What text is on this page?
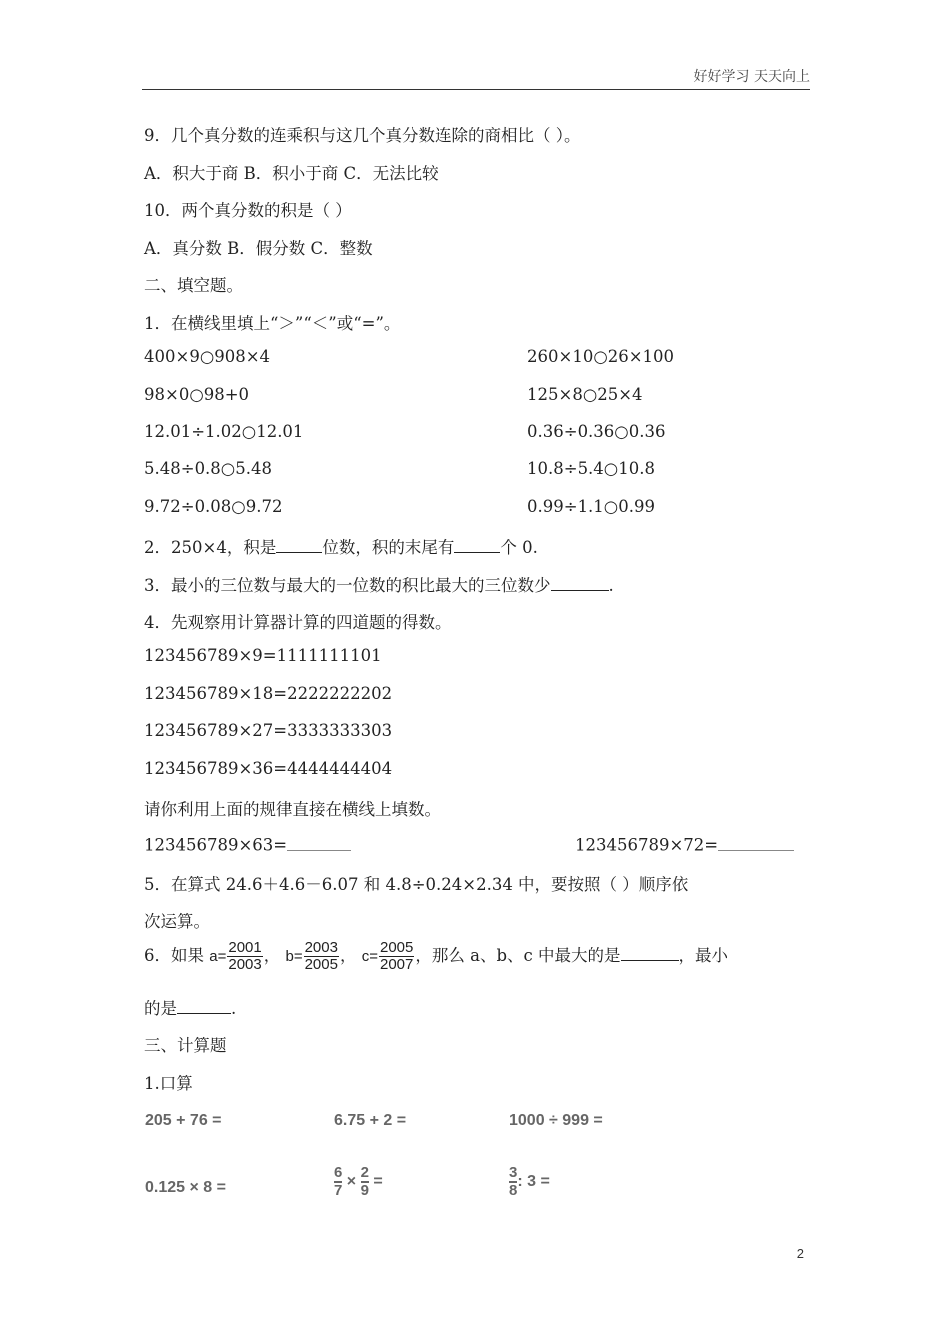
好好学习 天天向上
9．几个真分数的连乘积与这几个真分数连除的商相比（ ）。
A．积大于商 B．积小于商 C．无法比较
10．两个真分数的积是（ ）
A．真分数 B．假分数 C．整数
二、填空题。
1．在横线里填上“＞”“＜”或“=”。
400×9○908×4	260×10○26×100
98×0○98+0	125×8○25×4
12.01÷1.02○12.01	0.36÷0.36○0.36
5.48÷0.8○5.48	10.8÷5.4○10.8
9.72÷0.08○9.72	0.99÷1.1○0.99
2．250×4，积是	位数，积的末尾有	个 0.
3．最小的三位数与最大的一位数的积比最大的三位数少	.
4．先观察用计算器计算的四道题的得数。
123456789×9=1111111101
123456789×18=2222222202
123456789×27=3333333303
123456789×36=4444444404
请你利用上面的规律直接在横线上填数。
123456789×63=	123456789×72=
5．在算式 24.6＋4.6－6.07 和 4.8÷0.24×2.34 中，要按照（ ）顺序依
次运算。
6．如果 $a= \frac{2001}{2003}$ ， $b= \frac{2003}{2005}$ ， $c= \frac{2005}{2007}$ ，那么 a、b、c 中最大的是	，最小
的是	.
三、计算题
1.口算
205 + 76 =	6.75 + 2 =	1000 ÷ 999 =
0.125 × 8 =	$\frac{6}{7} \times \frac{2}{9}$ =	$\frac{3}{8}$ : 3 =
2
